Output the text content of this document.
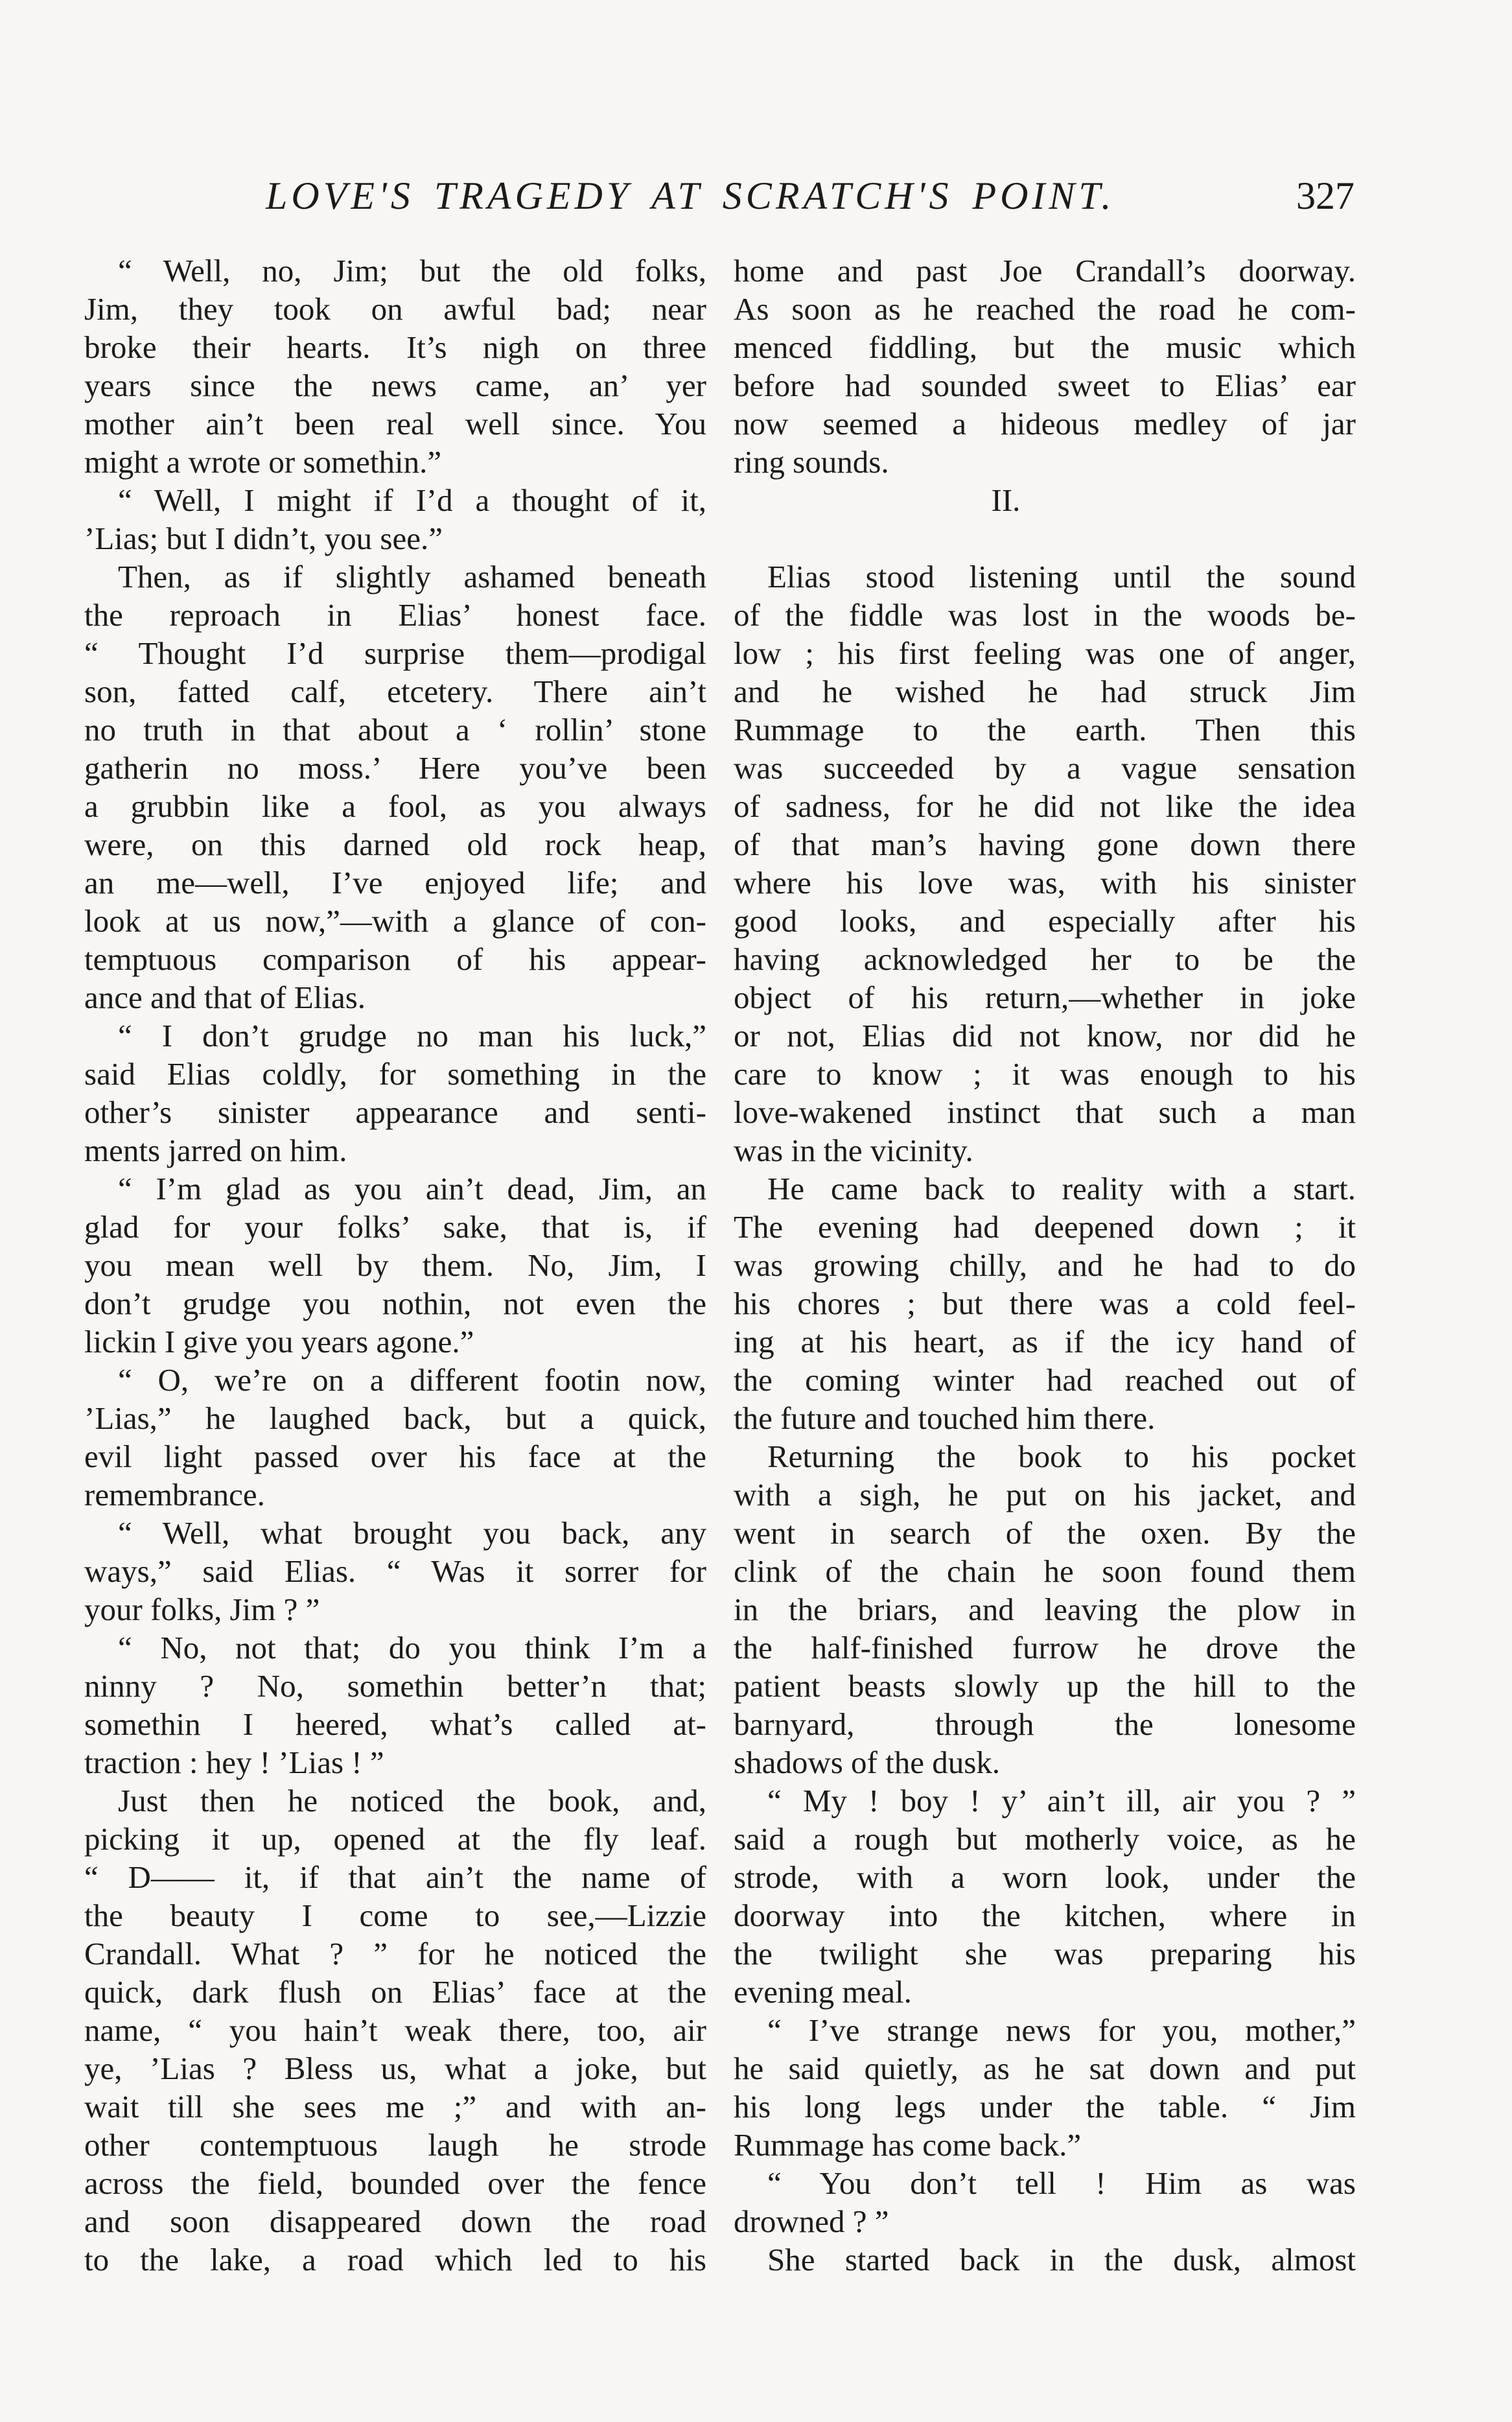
LOVE'S TRAGEDY AT SCRATCH'S POINT.	327
“ Well, no, Jim; but the old folks,
Jim, they took on awful bad; near
broke their hearts. It’s nigh on three
years since the news came, an’ yer
mother ain’t been real well since. You
might a wrote or somethin.”
“ Well, I might if I’d a thought of it,
’Lias; but I didn’t, you see.”
Then, as if slightly ashamed beneath
the reproach in Elias’ honest face.
“ Thought I’d surprise them—prodigal
son, fatted calf, etcetery. There ain’t
no truth in that about a ‘ rollin’ stone
gatherin no moss.’ Here you’ve been
a grubbin like a fool, as you always
were, on this darned old rock heap,
an me—well, I’ve enjoyed life; and
look at us now,”—with a glance of con-
temptuous comparison of his appear-
ance and that of Elias.
“ I don’t grudge no man his luck,”
said Elias coldly, for something in the
other’s sinister appearance and senti-
ments jarred on him.
“ I’m glad as you ain’t dead, Jim, an
glad for your folks’ sake, that is, if
you mean well by them. No, Jim, I
don’t grudge you nothin, not even the
lickin I give you years agone.”
“ O, we’re on a different footin now,
’Lias,” he laughed back, but a quick,
evil light passed over his face at the
remembrance.
“ Well, what brought you back, any
ways,” said Elias. “ Was it sorrer for
your folks, Jim ? ”
“ No, not that; do you think I’m a
ninny ? No, somethin better’n that;
somethin I heered, what’s called at-
traction : hey ! ’Lias ! ”
Just then he noticed the book, and,
picking it up, opened at the fly leaf.
“ D—— it, if that ain’t the name of
the beauty I come to see,—Lizzie
Crandall. What ? ” for he noticed the
quick, dark flush on Elias’ face at the
name, “ you hain’t weak there, too, air
ye, ’Lias ? Bless us, what a joke, but
wait till she sees me ;” and with an-
other contemptuous laugh he strode
across the field, bounded over the fence
and soon disappeared down the road
to the lake, a road which led to his
home and past Joe Crandall’s doorway.
As soon as he reached the road he com-
menced fiddling, but the music which
before had sounded sweet to Elias’ ear
now seemed a hideous medley of jar
ring sounds.
II.
Elias stood listening until the sound
of the fiddle was lost in the woods be-
low ; his first feeling was one of anger,
and he wished he had struck Jim
Rummage to the earth. Then this
was succeeded by a vague sensation
of sadness, for he did not like the idea
of that man’s having gone down there
where his love was, with his sinister
good looks, and especially after his
having acknowledged her to be the
object of his return,—whether in joke
or not, Elias did not know, nor did he
care to know ; it was enough to his
love-wakened instinct that such a man
was in the vicinity.
He came back to reality with a start.
The evening had deepened down ; it
was growing chilly, and he had to do
his chores ; but there was a cold feel-
ing at his heart, as if the icy hand of
the coming winter had reached out of
the future and touched him there.
Returning the book to his pocket
with a sigh, he put on his jacket, and
went in search of the oxen. By the
clink of the chain he soon found them
in the briars, and leaving the plow in
the half-finished furrow he drove the
patient beasts slowly up the hill to the
barnyard, through the lonesome
shadows of the dusk.
“ My ! boy ! y’ ain’t ill, air you ? ”
said a rough but motherly voice, as he
strode, with a worn look, under the
doorway into the kitchen, where in
the twilight she was preparing his
evening meal.
“ I’ve strange news for you, mother,”
he said quietly, as he sat down and put
his long legs under the table. “ Jim
Rummage has come back.”
“ You don’t tell ! Him as was
drowned ? ”
She started back in the dusk, almost
